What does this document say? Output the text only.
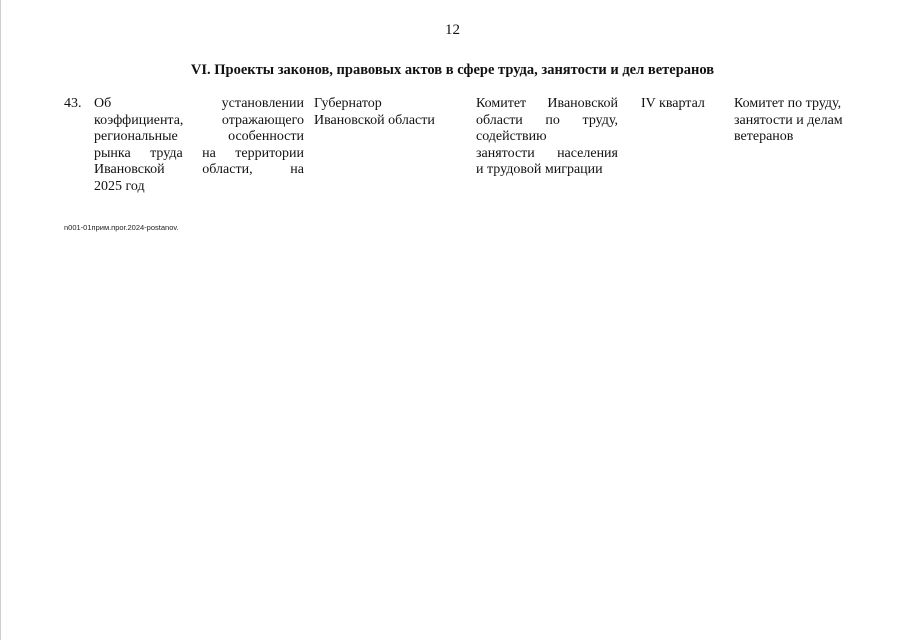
12
VI. Проекты законов, правовых актов в сфере труда, занятости и дел ветеранов
43. Об установлении
коэффициента, отражающего
региональные особенности
рынка труда на территории
Ивановской области, на
2025 год
Губернатор
Ивановской области
Комитет Ивановской
области по труду,
содействию
занятости населения
и трудовой миграции
IV квартал	Комитет по труду,
занятости и делам
ветеранов
n001-01прим.прог.2024-postanov.
